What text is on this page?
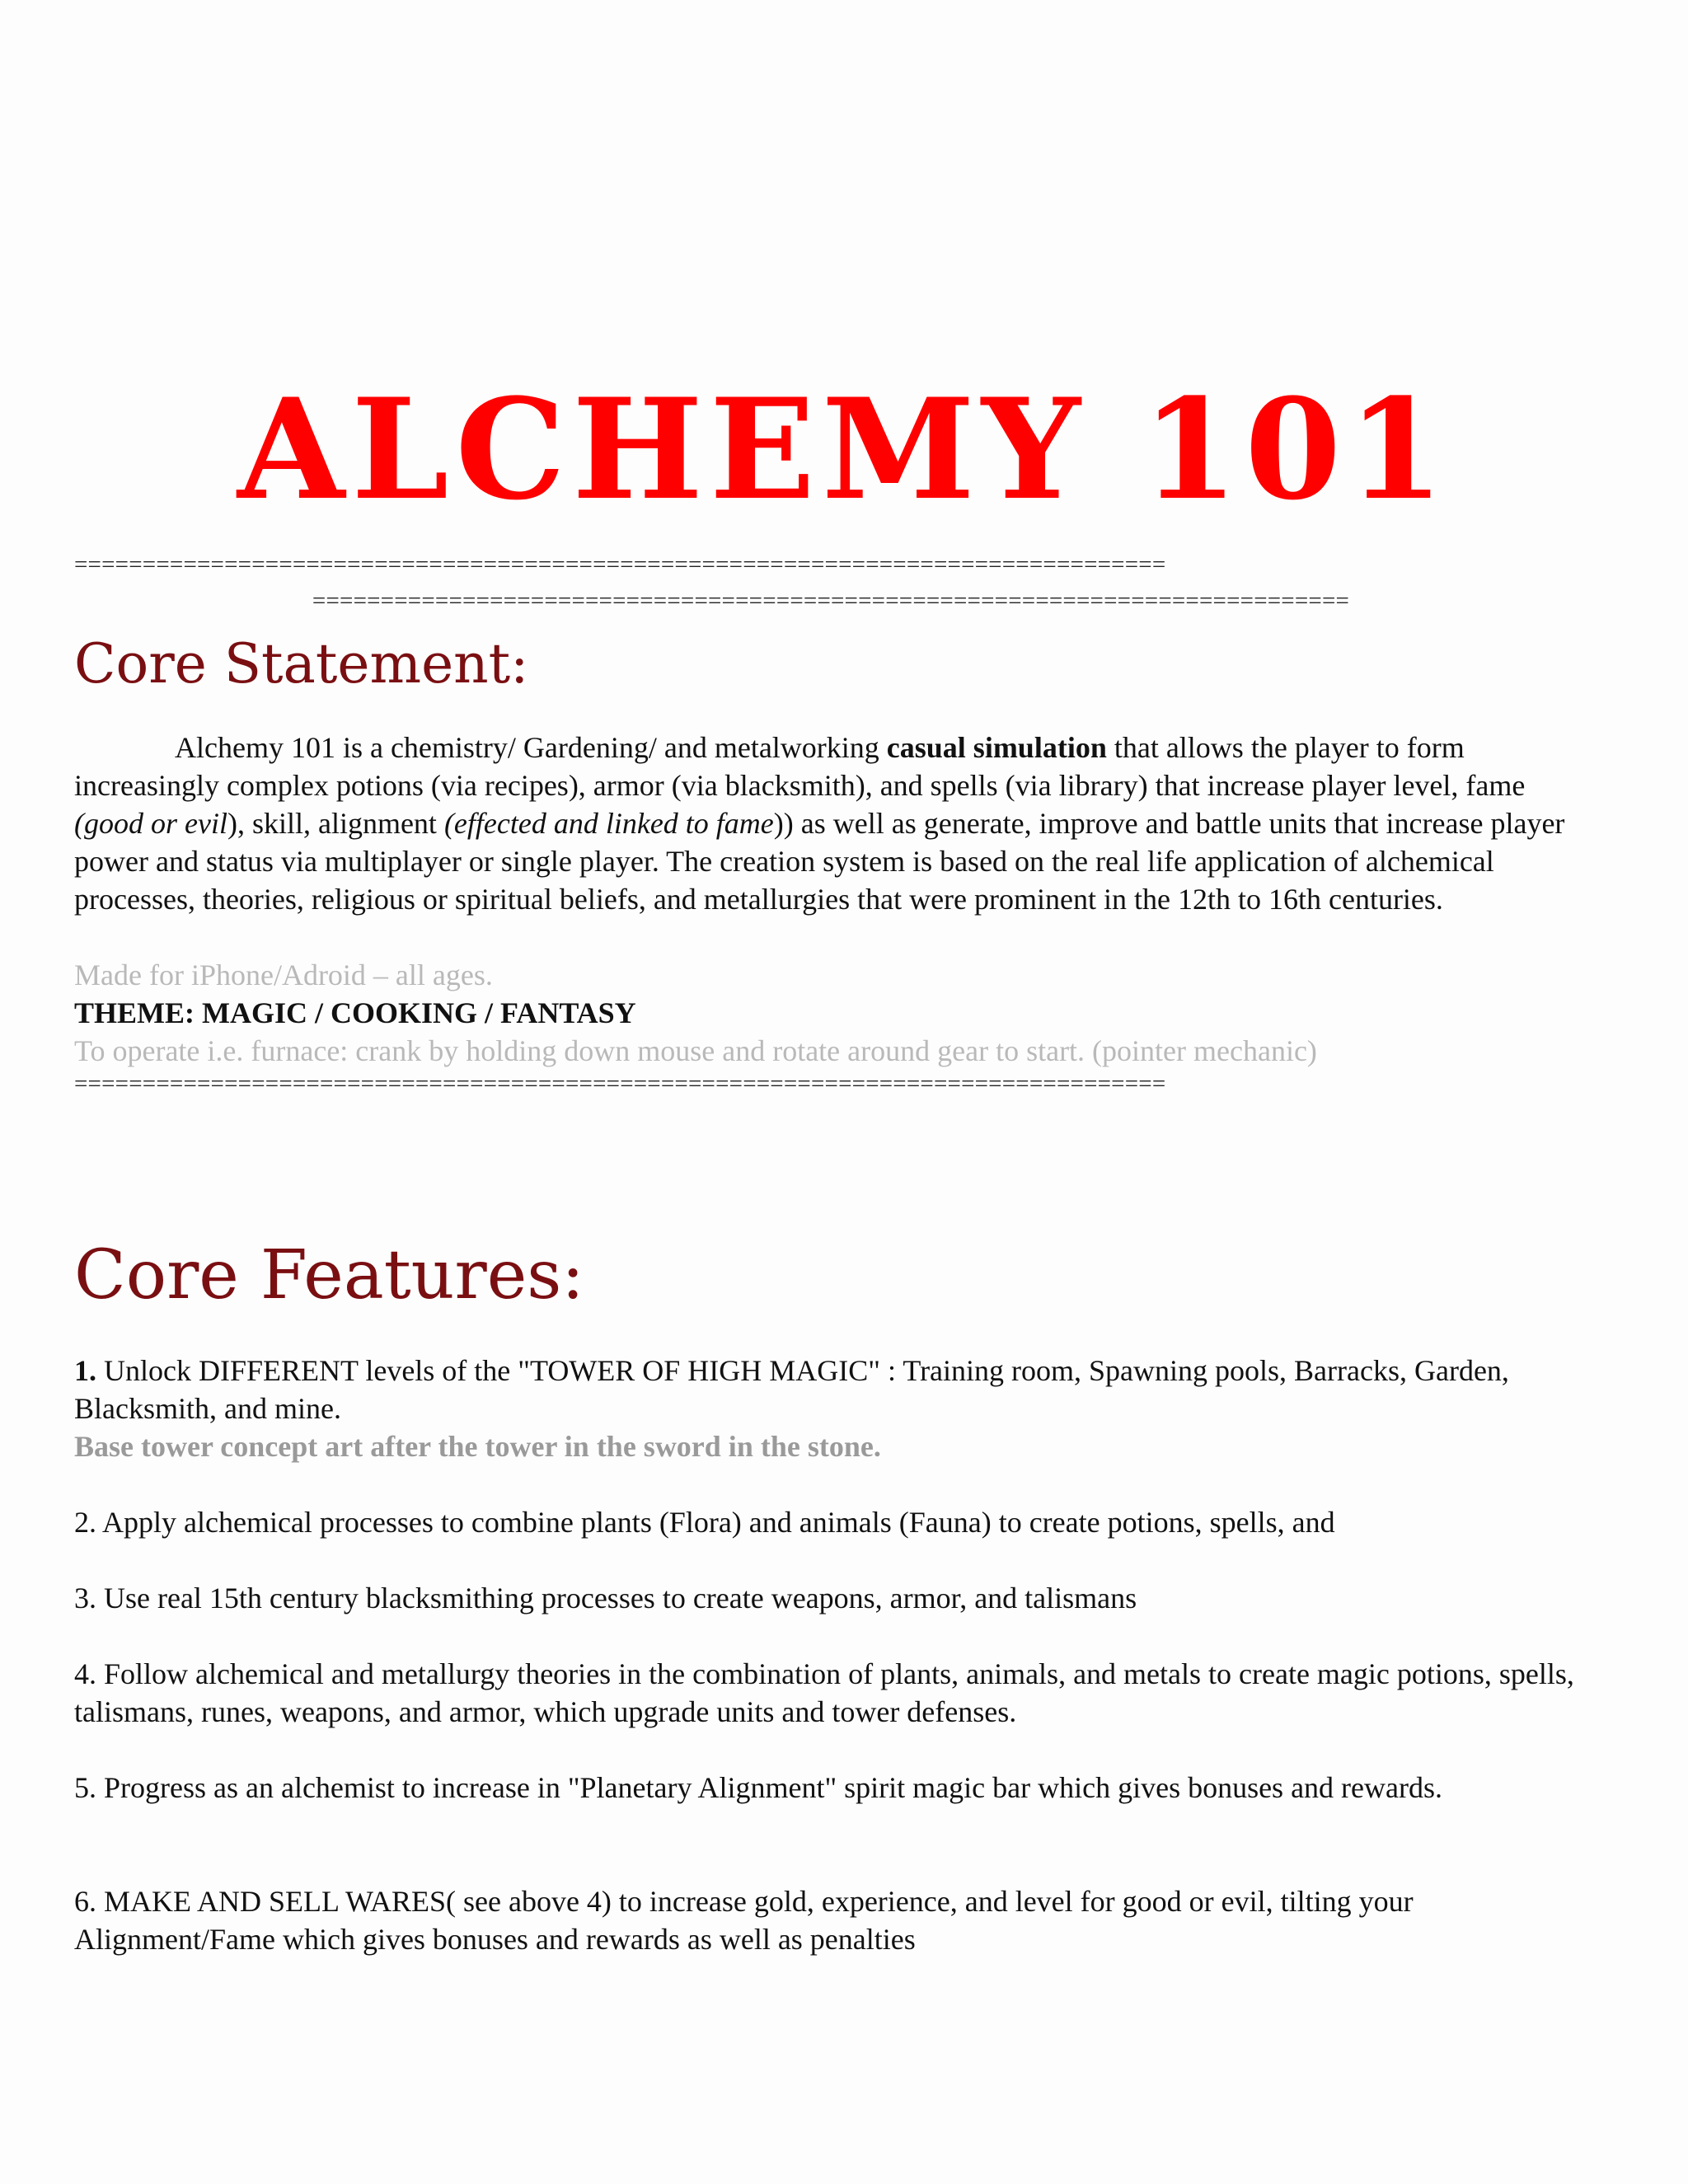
ALCHEMY 101
================================================================================
============================================================================
Core Statement:

Alchemy 101 is a chemistry/ Gardening/ and metalworking casual simulation that allows the player to form increasingly complex potions (via recipes), armor (via blacksmith), and spells (via library) that increase player level, fame (good or evil), skill, alignment (effected and linked to fame)) as well as generate, improve and battle units that increase player power and status via multiplayer or single player. The creation system is based on the real life application of alchemical processes, theories, religious or spiritual beliefs, and metallurgies that were prominent in the 12th to 16th centuries.

Made for iPhone/Adroid – all ages.
THEME: MAGIC / COOKING / FANTASY
To operate i.e. furnace: crank by holding down mouse and rotate around gear to start. (pointer mechanic)
================================================================================
Core Features:

1. Unlock DIFFERENT levels of the "TOWER OF HIGH MAGIC" : Training room, Spawning pools, Barracks, Garden, Blacksmith, and mine.

Base tower concept art after the tower in the sword in the stone.

2. Apply alchemical processes to combine plants (Flora) and animals (Fauna) to create potions, spells, and

3. Use real 15th century blacksmithing processes to create weapons, armor, and talismans

4. Follow alchemical and metallurgy theories in the combination of plants, animals, and metals to create magic potions, spells, talismans, runes, weapons, and armor, which upgrade units and tower defenses.

5. Progress as an alchemist to increase in "Planetary Alignment" spirit magic bar which gives bonuses and rewards.

6. MAKE AND SELL WARES( see above 4) to increase gold, experience, and level for good or evil, tilting your Alignment/Fame which gives bonuses and rewards as well as penalties
